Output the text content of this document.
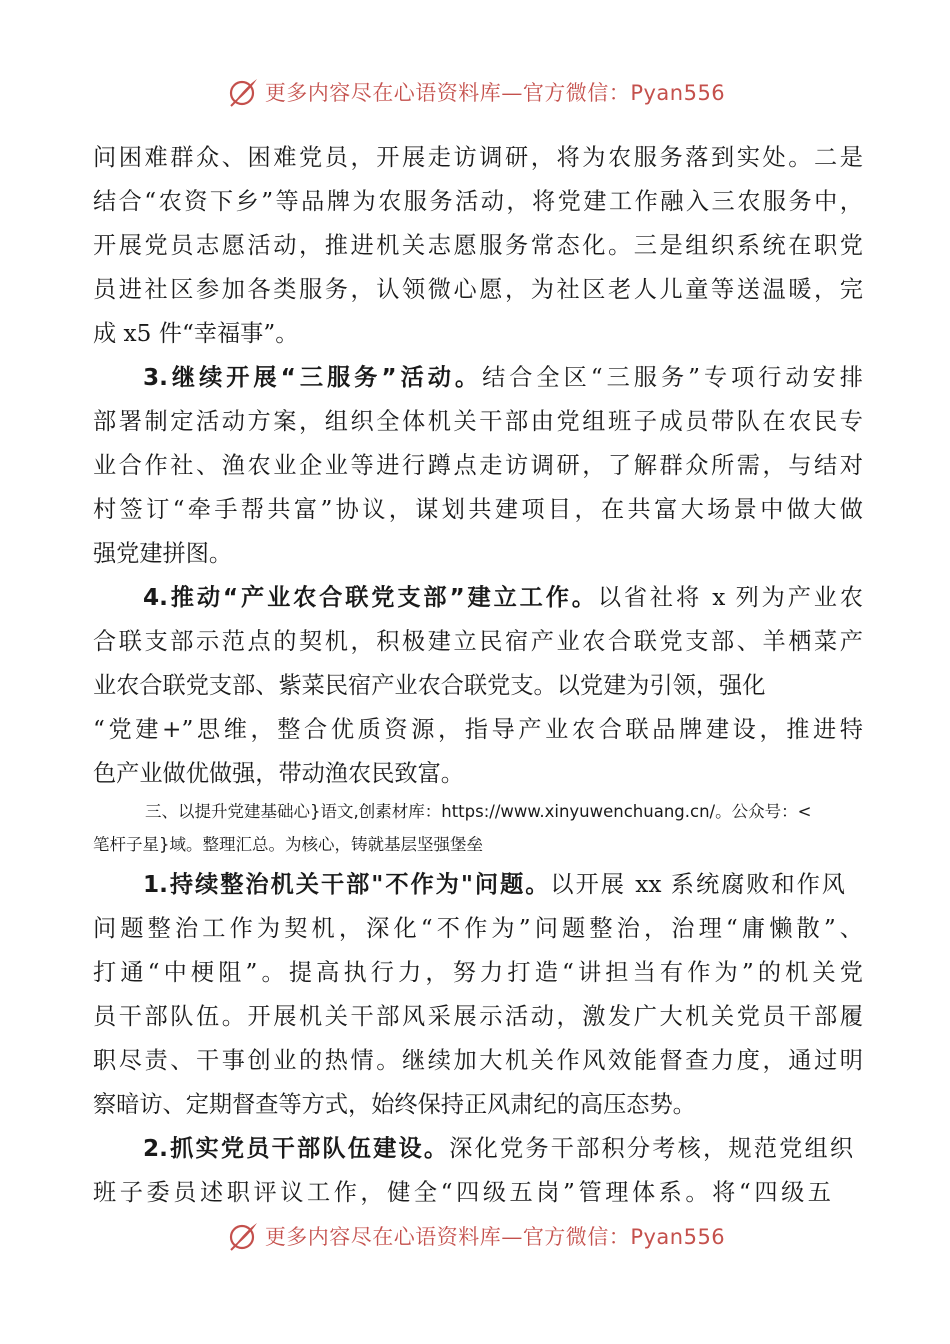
更多内容尽在心语资料库—官方微信：Pyan556
问困难群众、困难党员，开展走访调研，将为农服务落到实处。二是
结合“农资下乡”等品牌为农服务活动，将党建工作融入三农服务中，
开展党员志愿活动，推进机关志愿服务常态化。三是组织系统在职党
员进社区参加各类服务，认领微心愿，为社区老人儿童等送温暖，完
成 x5 件“幸福事”。
3.继续开展“三服务”活动。结合全区“三服务”专项行动安排
部署制定活动方案，组织全体机关干部由党组班子成员带队在农民专
业合作社、渔农业企业等进行蹲点走访调研，了解群众所需，与结对
村签订“牵手帮共富”协议，谋划共建项目，在共富大场景中做大做
强党建拼图。
4.推动“产业农合联党支部”建立工作。以省社将 x 列为产业农
合联支部示范点的契机，积极建立民宿产业农合联党支部、羊栖菜产
业农合联党支部、紫菜民宿产业农合联党支。以党建为引领，强化
“党建+”思维，整合优质资源，指导产业农合联品牌建设，推进特
色产业做优做强，带动渔农民致富。
三、以提升党建基础心}语文,创素材库：https://www.xinyuwenchuang.cn/。公众号：<
笔杆子星}域。整理汇总。为核心，铸就基层坚强堡垒
1.持续整治机关干部"不作为"问题。以开展 xx 系统腐败和作风
问题整治工作为契机，深化“不作为”问题整治，治理“庸懒散”、
打通“中梗阻”。提高执行力，努力打造“讲担当有作为”的机关党
员干部队伍。开展机关干部风采展示活动，激发广大机关党员干部履
职尽责、干事创业的热情。继续加大机关作风效能督查力度，通过明
察暗访、定期督查等方式，始终保持正风肃纪的高压态势。
2.抓实党员干部队伍建设。深化党务干部积分考核，规范党组织
班子委员述职评议工作，健全“四级五岗”管理体系。将“四级五
更多内容尽在心语资料库—官方微信：Pyan556
